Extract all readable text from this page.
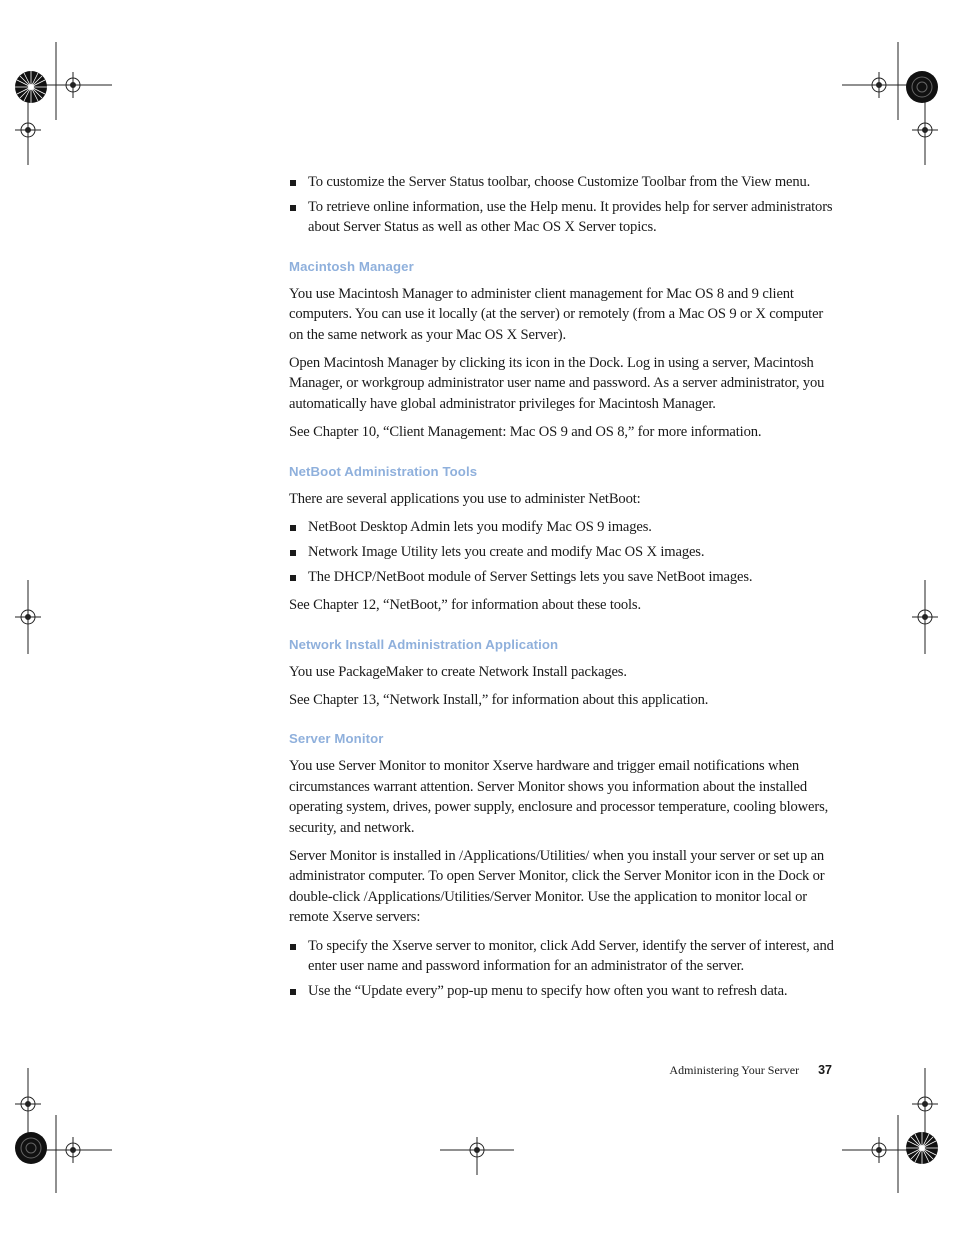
To customize the Server Status toolbar, choose Customize Toolbar from the View menu.
To retrieve online information, use the Help menu. It provides help for server administrators about Server Status as well as other Mac OS X Server topics.
Macintosh Manager

You use Macintosh Manager to administer client management for Mac OS 8 and 9 client computers. You can use it locally (at the server) or remotely (from a Mac OS 9 or X computer on the same network as your Mac OS X Server).

Open Macintosh Manager by clicking its icon in the Dock. Log in using a server, Macintosh Manager, or workgroup administrator user name and password. As a server administrator, you automatically have global administrator privileges for Macintosh Manager.

See Chapter 10, “Client Management: Mac OS 9 and OS 8,” for more information.

NetBoot Administration Tools

There are several applications you use to administer NetBoot:

NetBoot Desktop Admin lets you modify Mac OS 9 images.
Network Image Utility lets you create and modify Mac OS X images.
The DHCP/NetBoot module of Server Settings lets you save NetBoot images.

See Chapter 12, “NetBoot,” for information about these tools.

Network Install Administration Application

You use PackageMaker to create Network Install packages.

See Chapter 13, “Network Install,” for information about this application.

Server Monitor

You use Server Monitor to monitor Xserve hardware and trigger email notifications when circumstances warrant attention. Server Monitor shows you information about the installed operating system, drives, power supply, enclosure and processor temperature, cooling blowers, security, and network.

Server Monitor is installed in /Applications/Utilities/ when you install your server or set up an administrator computer. To open Server Monitor, click the Server Monitor icon in the Dock or double-click /Applications/Utilities/Server Monitor. Use the application to monitor local or remote Xserve servers:

To specify the Xserve server to monitor, click Add Server, identify the server of interest, and enter user name and password information for an administrator of the server.
Use the “Update every” pop-up menu to specify how often you want to refresh data.
Administering Your Server 37
